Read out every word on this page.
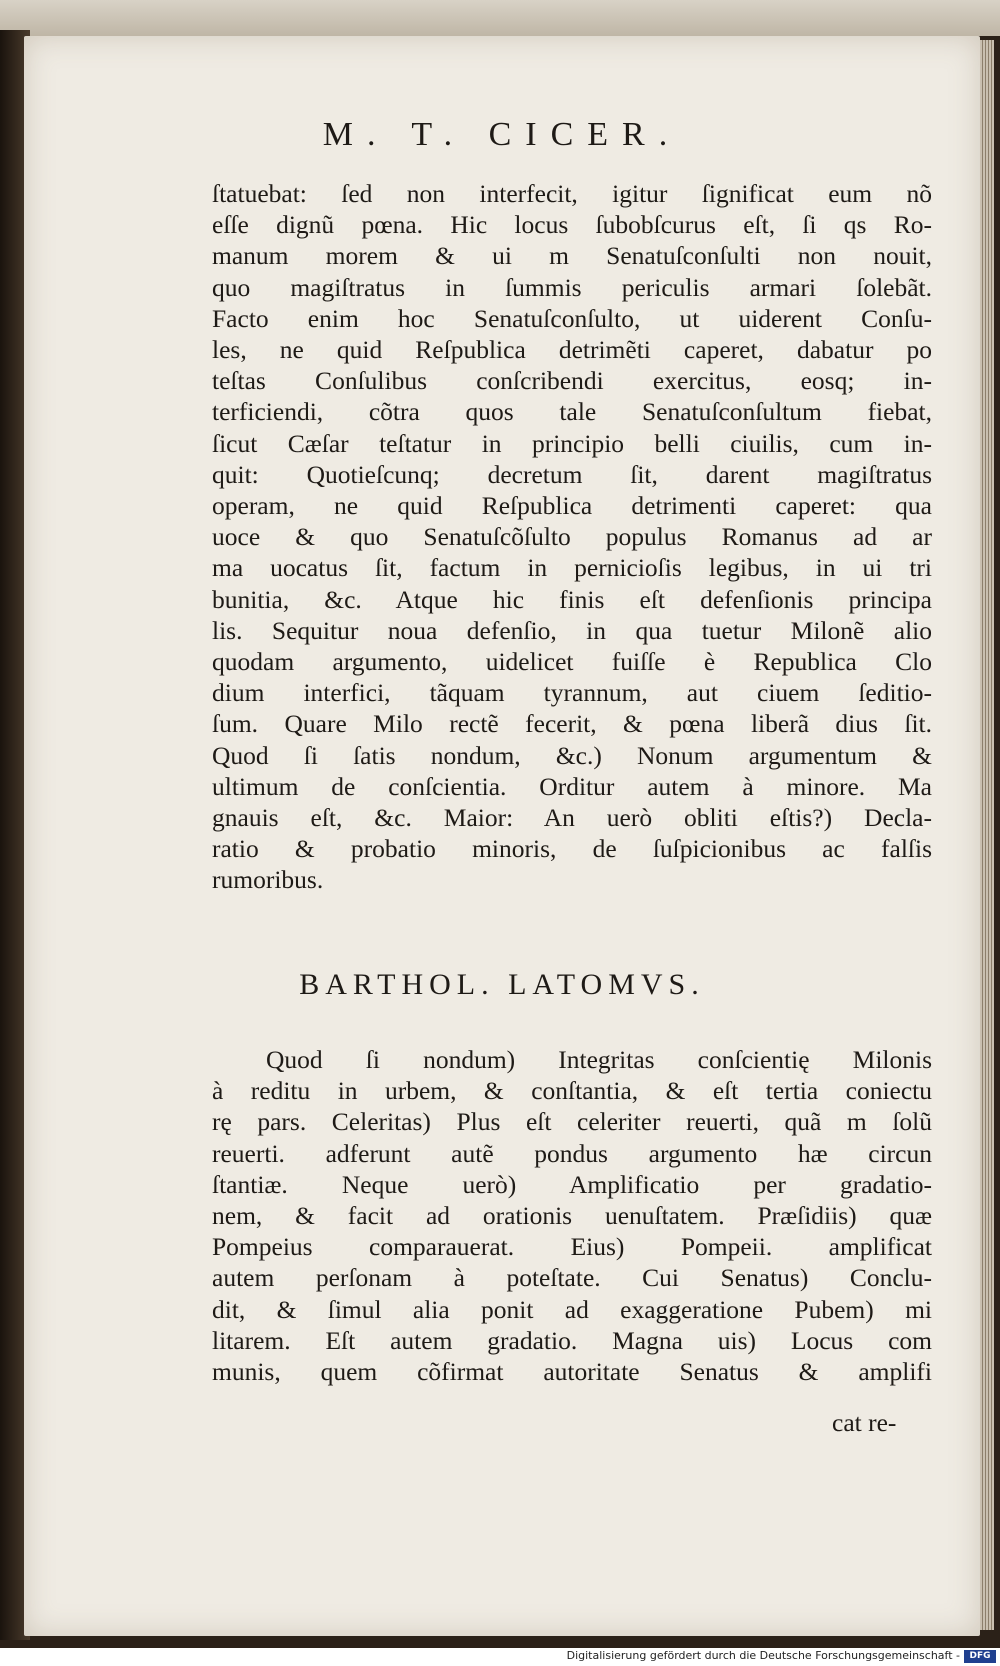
M. T. CICER.
ſtatuebat: ſed non interfecit, igitur ſignificat eum nõ
eſſe dignũ pœna. Hic locus ſubobſcurus eſt, ſi qs Ro-
manum morem & ui m Senatuſconſulti non nouit,
quo magiſtratus in ſummis periculis armari ſolebãt.
Facto enim hoc Senatuſconſulto, ut uiderent Conſu-
les, ne quid Reſpublica detrimẽti caperet, dabatur po
teſtas Conſulibus conſcribendi exercitus, eosq; in-
terficiendi, cõtra quos tale Senatuſconſultum fiebat,
ſicut Cæſar teſtatur in principio belli ciuilis, cum in-
quit: Quotieſcunq; decretum ſit, darent magiſtratus
operam, ne quid Reſpublica detrimenti caperet: qua
uoce & quo Senatuſcõſulto populus Romanus ad ar
ma uocatus ſit, factum in pernicioſis legibus, in ui tri
bunitia, &c. Atque hic finis eſt defenſionis principa
lis. Sequitur noua defenſio, in qua tuetur Milonẽ alio
quodam argumento, uidelicet fuiſſe è Republica Clo
dium interfici, tãquam tyrannum, aut ciuem ſeditio-
ſum. Quare Milo rectẽ fecerit, & pœna liberã dius ſit.
Quod ſi ſatis nondum, &c.) Nonum argumentum &
ultimum de conſcientia. Orditur autem à minore. Ma
gnauis eſt, &c. Maior: An uerò obliti eſtis?) Decla-
ratio & probatio minoris, de ſuſpicionibus ac falſis
rumoribus.
BARTHOL. LATOMVS.
Quod ſi nondum) Integritas conſcientię Milonis
à reditu in urbem, & conſtantia, & eſt tertia coniectu
rę pars. Celeritas) Plus eſt celeriter reuerti, quã m ſolũ
reuerti. adferunt autẽ pondus argumento hæ circun
ſtantiæ. Neque uerò) Amplificatio per gradatio-
nem, & facit ad orationis uenuſtatem. Præſidiis) quæ
Pompeius comparauerat. Eius) Pompeii. amplificat
autem perſonam à poteſtate. Cui Senatus) Conclu-
dit, & ſimul alia ponit ad exaggeratione Pubem) mi
litarem. Eſt autem gradatio. Magna uis) Locus com
munis, quem cõfirmat autoritate Senatus & amplifi
cat re-
Digitalisierung gefördert durch die Deutsche Forschungsgemeinschaft -	DFG
